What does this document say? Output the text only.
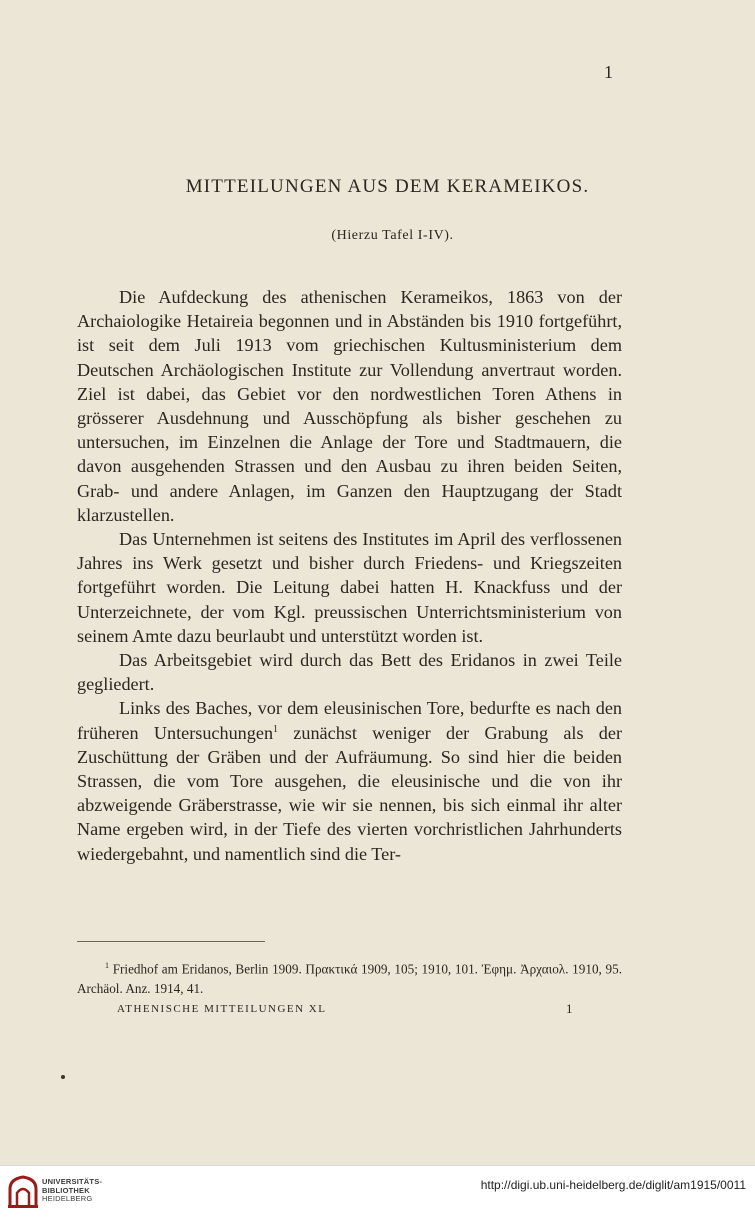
1
MITTEILUNGEN AUS DEM KERAMEIKOS.
(Hierzu Tafel I-IV).

Die Aufdeckung des athenischen Kerameikos, 1863 von der Archaiologike Hetaireia begonnen und in Abständen bis 1910 fortgeführt, ist seit dem Juli 1913 vom griechischen Kultusministerium dem Deutschen Archäologischen Institute zur Vollendung anvertraut worden. Ziel ist dabei, das Gebiet vor den nordwestlichen Toren Athens in grösserer Ausdehnung und Ausschöpfung als bisher geschehen zu untersuchen, im Einzelnen die Anlage der Tore und Stadtmauern, die davon ausgehenden Strassen und den Ausbau zu ihren beiden Seiten, Grab- und andere Anlagen, im Ganzen den Hauptzugang der Stadt klarzustellen.

Das Unternehmen ist seitens des Institutes im April des verflossenen Jahres ins Werk gesetzt und bisher durch Friedens- und Kriegszeiten fortgeführt worden. Die Leitung dabei hatten H. Knackfuss und der Unterzeichnete, der vom Kgl. preussischen Unterrichtsministerium von seinem Amte dazu beurlaubt und unterstützt worden ist.

Das Arbeitsgebiet wird durch das Bett des Eridanos in zwei Teile gegliedert.

Links des Baches, vor dem eleusinischen Tore, bedurfte es nach den früheren Untersuchungen$^1$ zunächst weniger der Grabung als der Zuschüttung der Gräben und der Aufräumung. So sind hier die beiden Strassen, die vom Tore ausgehen, die eleusinische und die von ihr abzweigende Gräberstrasse, wie wir sie nennen, bis sich einmal ihr alter Name ergeben wird, in der Tiefe des vierten vorchristlichen Jahrhunderts wiedergebahnt, und namentlich sind die Ter-

$^1$ Friedhof am Eridanos, Berlin 1909. Πρακτικά 1909, 105; 1910, 101. Ἐφημ. Ἀρχαιολ. 1910, 95. Archäol. Anz. 1914, 41.

ATHENISCHE MITTEILUNGEN XL	1
UNIVERSITÄTS-
BIBLIOTHEK
HEIDELBERG
http://digi.ub.uni-heidelberg.de/diglit/am1915/0011
